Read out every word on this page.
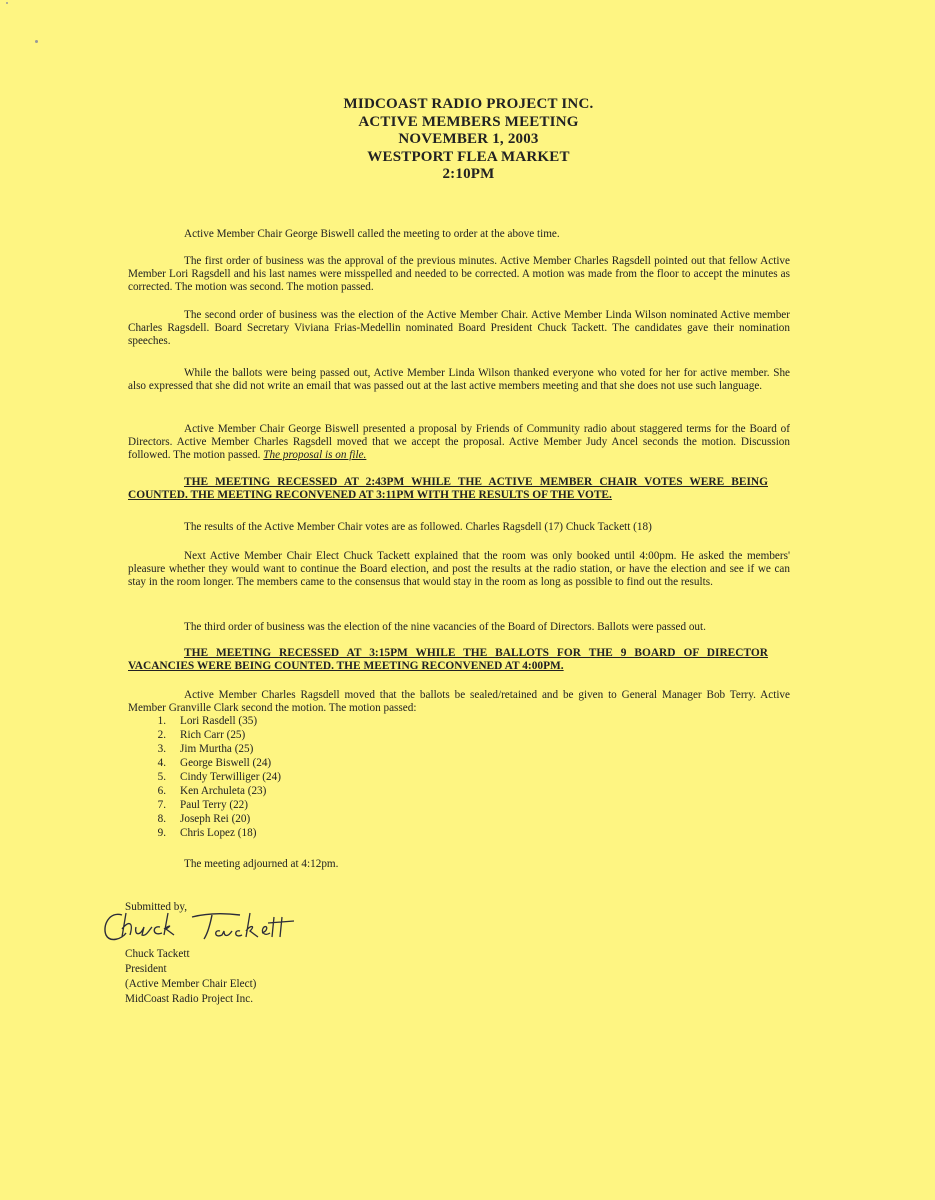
MIDCOAST RADIO PROJECT INC.
ACTIVE MEMBERS MEETING
NOVEMBER 1, 2003
WESTPORT FLEA MARKET
2:10PM
Active Member Chair George Biswell called the meeting to order at the above time.
The first order of business was the approval of the previous minutes. Active Member Charles Ragsdell pointed out that fellow Active Member Lori Ragsdell and his last names were misspelled and needed to be corrected. A motion was made from the floor to accept the minutes as corrected. The motion was second. The motion passed.
The second order of business was the election of the Active Member Chair. Active Member Linda Wilson nominated Active member Charles Ragsdell. Board Secretary Viviana Frias-Medellin nominated Board President Chuck Tackett. The candidates gave their nomination speeches.
While the ballots were being passed out, Active Member Linda Wilson thanked everyone who voted for her for active member. She also expressed that she did not write an email that was passed out at the last active members meeting and that she does not use such language.
Active Member Chair George Biswell presented a proposal by Friends of Community radio about staggered terms for the Board of Directors. Active Member Charles Ragsdell moved that we accept the proposal. Active Member Judy Ancel seconds the motion. Discussion followed. The motion passed. The proposal is on file.
THE MEETING RECESSED AT 2:43PM WHILE THE ACTIVE MEMBER CHAIR VOTES WERE BEING COUNTED. THE MEETING RECONVENED AT 3:11PM WITH THE RESULTS OF THE VOTE.
The results of the Active Member Chair votes are as followed. Charles Ragsdell (17) Chuck Tackett (18)
Next Active Member Chair Elect Chuck Tackett explained that the room was only booked until 4:00pm. He asked the members' pleasure whether they would want to continue the Board election, and post the results at the radio station, or have the election and see if we can stay in the room longer. The members came to the consensus that would stay in the room as long as possible to find out the results.
The third order of business was the election of the nine vacancies of the Board of Directors. Ballots were passed out.
THE MEETING RECESSED AT 3:15PM WHILE THE BALLOTS FOR THE 9 BOARD OF DIRECTOR VACANCIES WERE BEING COUNTED. THE MEETING RECONVENED AT 4:00PM.
Active Member Charles Ragsdell moved that the ballots be sealed/retained and be given to General Manager Bob Terry. Active Member Granville Clark second the motion. The motion passed:
1.	Lori Rasdell (35)
2.	Rich Carr (25)
3.	Jim Murtha (25)
4.	George Biswell (24)
5.	Cindy Terwilliger (24)
6.	Ken Archuleta (23)
7.	Paul Terry (22)
8.	Joseph Rei (20)
9.	Chris Lopez (18)
The meeting adjourned at 4:12pm.
Submitted by,
Chuck Tackett
President
(Active Member Chair Elect)
MidCoast Radio Project Inc.
